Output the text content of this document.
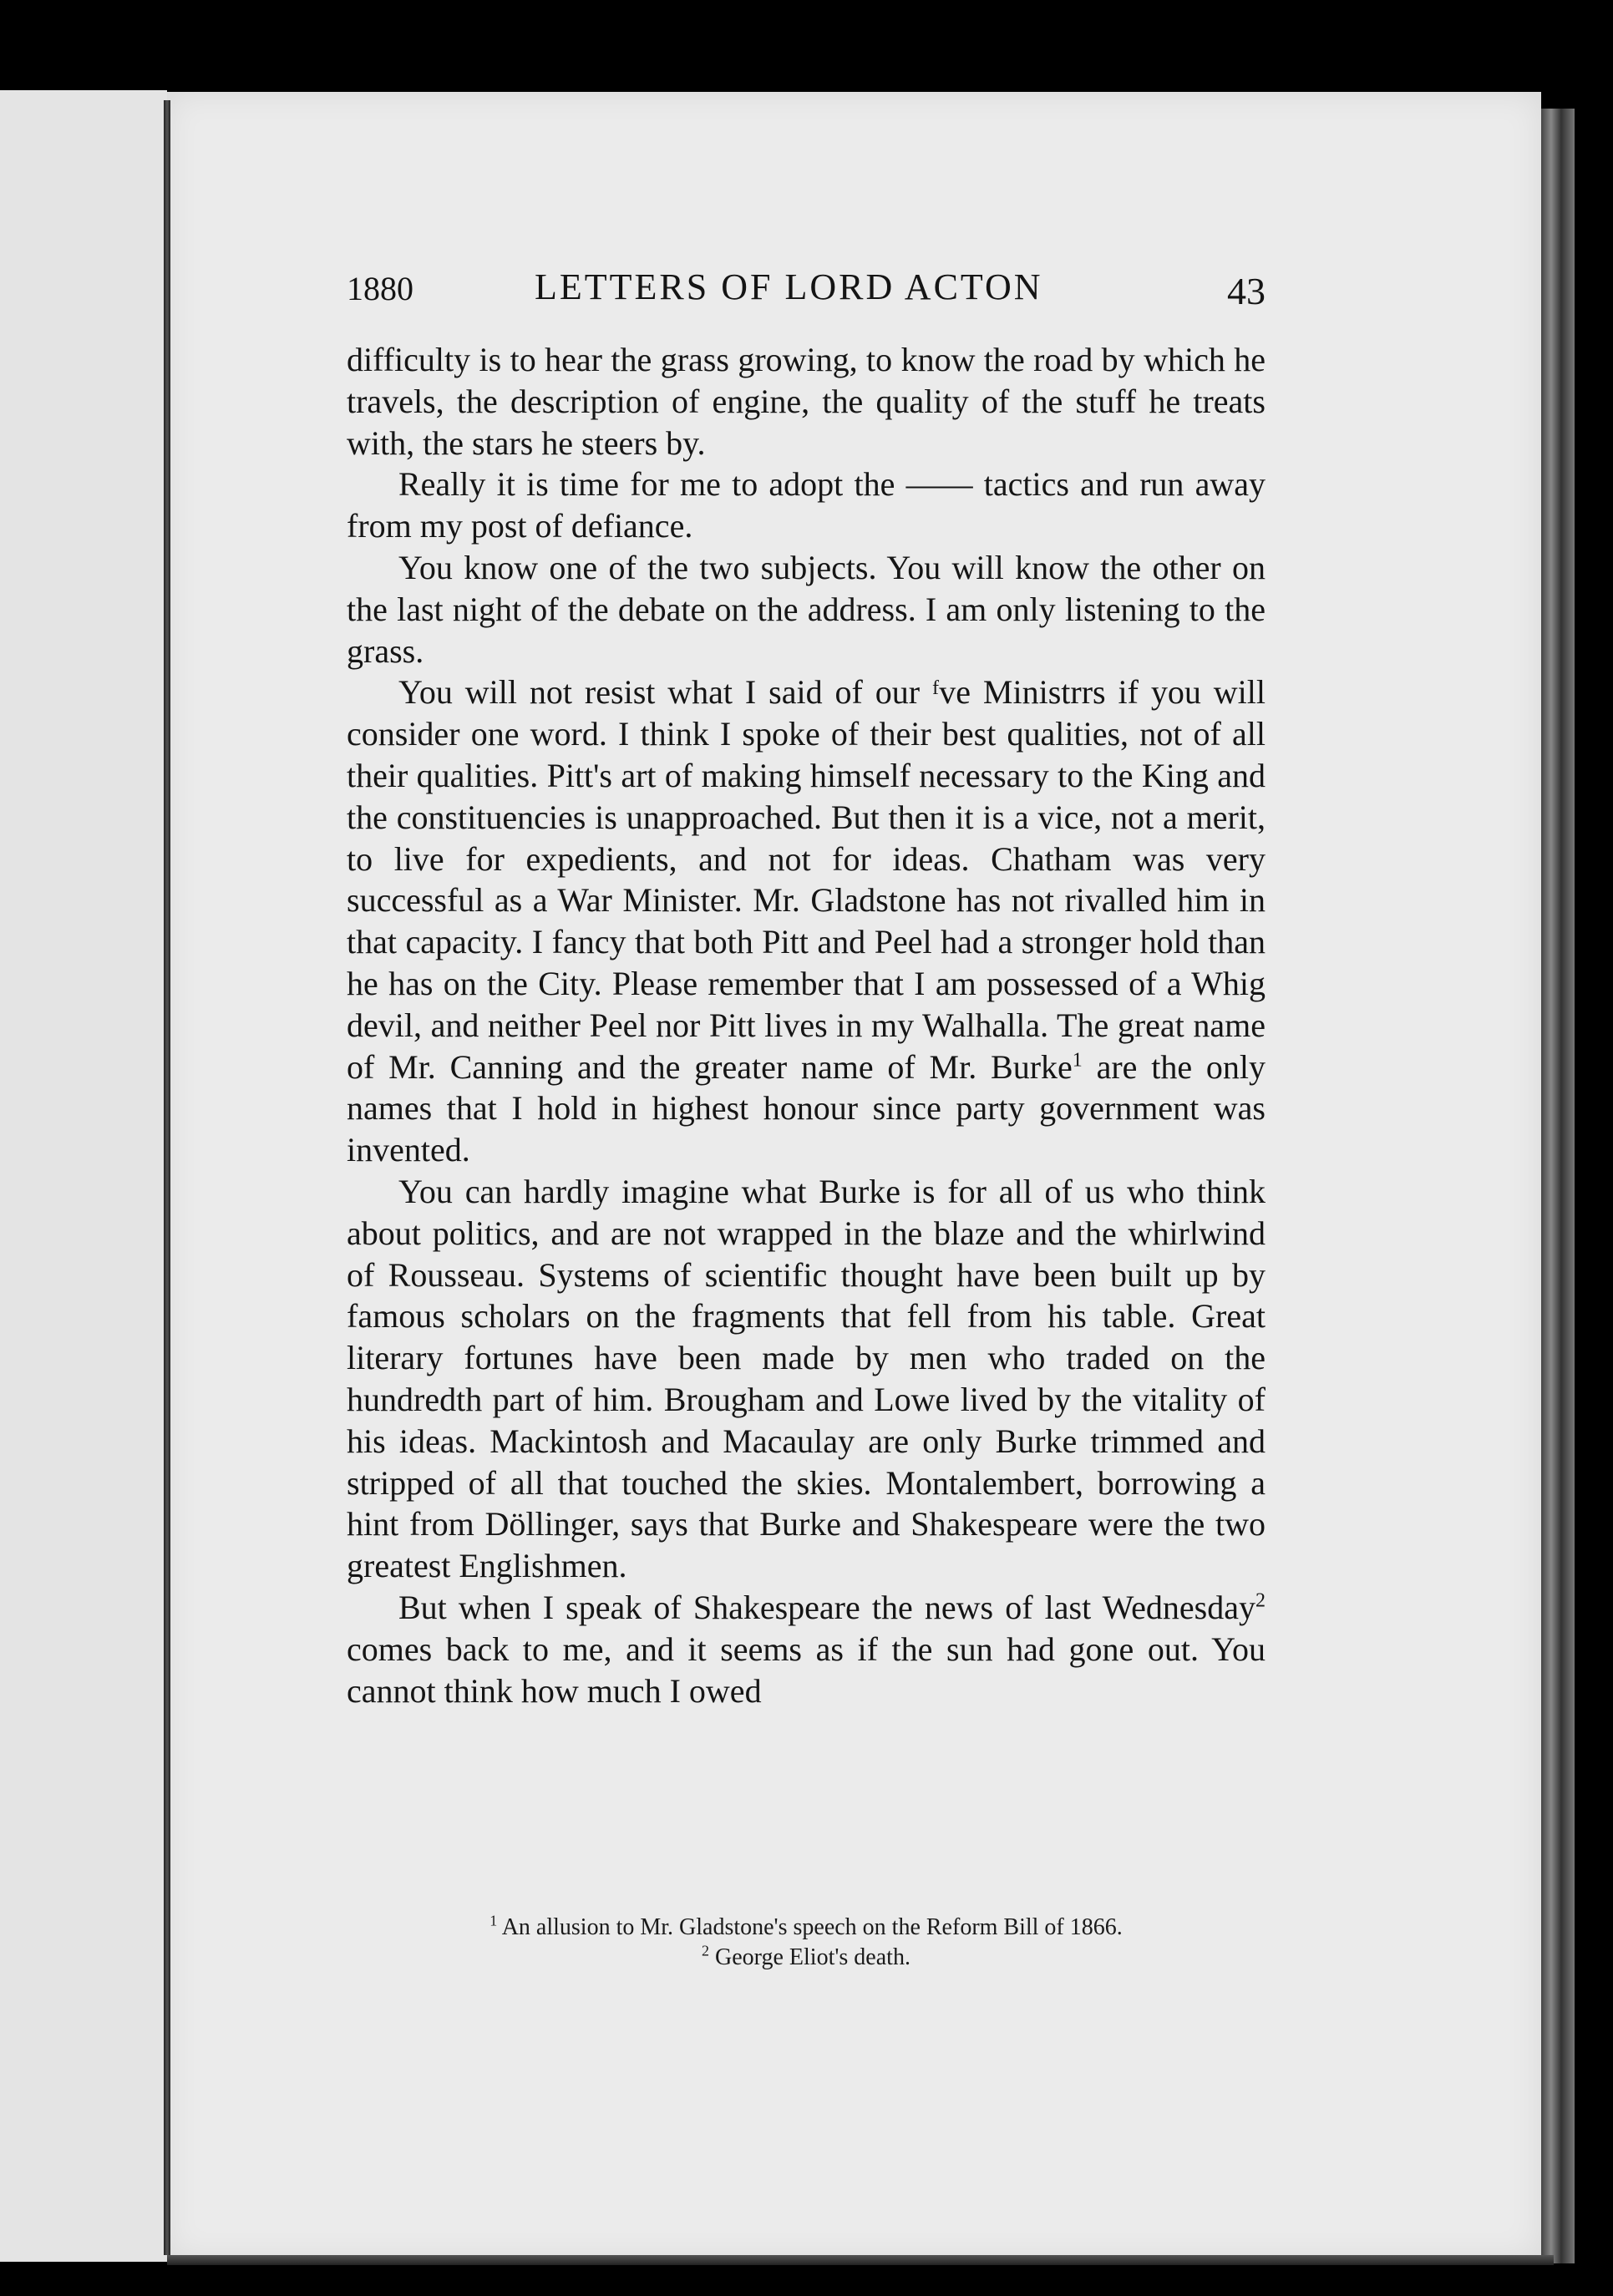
1880	LETTERS OF LORD ACTON	43

difficulty is to hear the grass growing, to know the road by which he travels, the description of engine, the quality of the stuff he treats with, the stars he steers by.

Really it is time for me to adopt the —— tactics and run away from my post of defiance.

You know one of the two subjects. You will know the other on the last night of the debate on the address. I am only listening to the grass.

You will not resist what I said of our ᶠve Ministrrs if you will consider one word. I think I spoke of their best qualities, not of all their qualities. Pitt's art of making himself necessary to the King and the constituencies is unapproached. But then it is a vice, not a merit, to live for expedients, and not for ideas. Chatham was very successful as a War Minister. Mr. Gladstone has not rivalled him in that capacity. I fancy that both Pitt and Peel had a stronger hold than he has on the City. Please remember that I am possessed of a Whig devil, and neither Peel nor Pitt lives in my Walhalla. The great name of Mr. Canning and the greater name of Mr. Burke$^1$ are the only names that I hold in highest honour since party government was invented.

You can hardly imagine what Burke is for all of us who think about politics, and are not wrapped in the blaze and the whirlwind of Rousseau. Systems of scientific thought have been built up by famous scholars on the fragments that fell from his table. Great literary fortunes have been made by men who traded on the hundredth part of him. Brougham and Lowe lived by the vitality of his ideas. Mackintosh and Macaulay are only Burke trimmed and stripped of all that touched the skies. Montalembert, borrowing a hint from Döllinger, says that Burke and Shakespeare were the two greatest Englishmen.

But when I speak of Shakespeare the news of last Wednesday$^2$ comes back to me, and it seems as if the sun had gone out. You cannot think how much I owed

$^1$ An allusion to Mr. Gladstone's speech on the Reform Bill of 1866.
$^2$ George Eliot's death.
